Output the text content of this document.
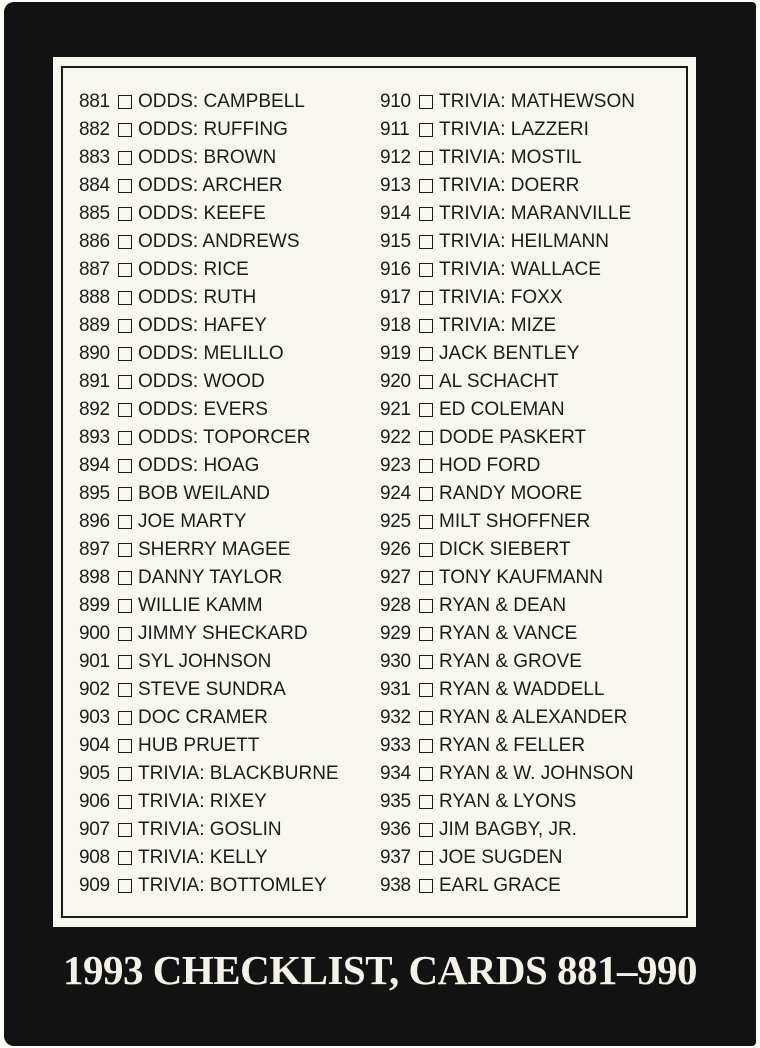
881	ODDS: CAMPBELL
882	ODDS: RUFFING
883	ODDS: BROWN
884	ODDS: ARCHER
885	ODDS: KEEFE
886	ODDS: ANDREWS
887	ODDS: RICE
888	ODDS: RUTH
889	ODDS: HAFEY
890	ODDS: MELILLO
891	ODDS: WOOD
892	ODDS: EVERS
893	ODDS: TOPORCER
894	ODDS: HOAG
895	BOB WEILAND
896	JOE MARTY
897	SHERRY MAGEE
898	DANNY TAYLOR
899	WILLIE KAMM
900	JIMMY SHECKARD
901	SYL JOHNSON
902	STEVE SUNDRA
903	DOC CRAMER
904	HUB PRUETT
905	TRIVIA: BLACKBURNE
906	TRIVIA: RIXEY
907	TRIVIA: GOSLIN
908	TRIVIA: KELLY
909	TRIVIA: BOTTOMLEY
910	TRIVIA: MATHEWSON
911	TRIVIA: LAZZERI
912	TRIVIA: MOSTIL
913	TRIVIA: DOERR
914	TRIVIA: MARANVILLE
915	TRIVIA: HEILMANN
916	TRIVIA: WALLACE
917	TRIVIA: FOXX
918	TRIVIA: MIZE
919	JACK BENTLEY
920	AL SCHACHT
921	ED COLEMAN
922	DODE PASKERT
923	HOD FORD
924	RANDY MOORE
925	MILT SHOFFNER
926	DICK SIEBERT
927	TONY KAUFMANN
928	RYAN & DEAN
929	RYAN & VANCE
930	RYAN & GROVE
931	RYAN & WADDELL
932	RYAN & ALEXANDER
933	RYAN & FELLER
934	RYAN & W. JOHNSON
935	RYAN & LYONS
936	JIM BAGBY, JR.
937	JOE SUGDEN
938	EARL GRACE
1993 CHECKLIST, CARDS 881–990
